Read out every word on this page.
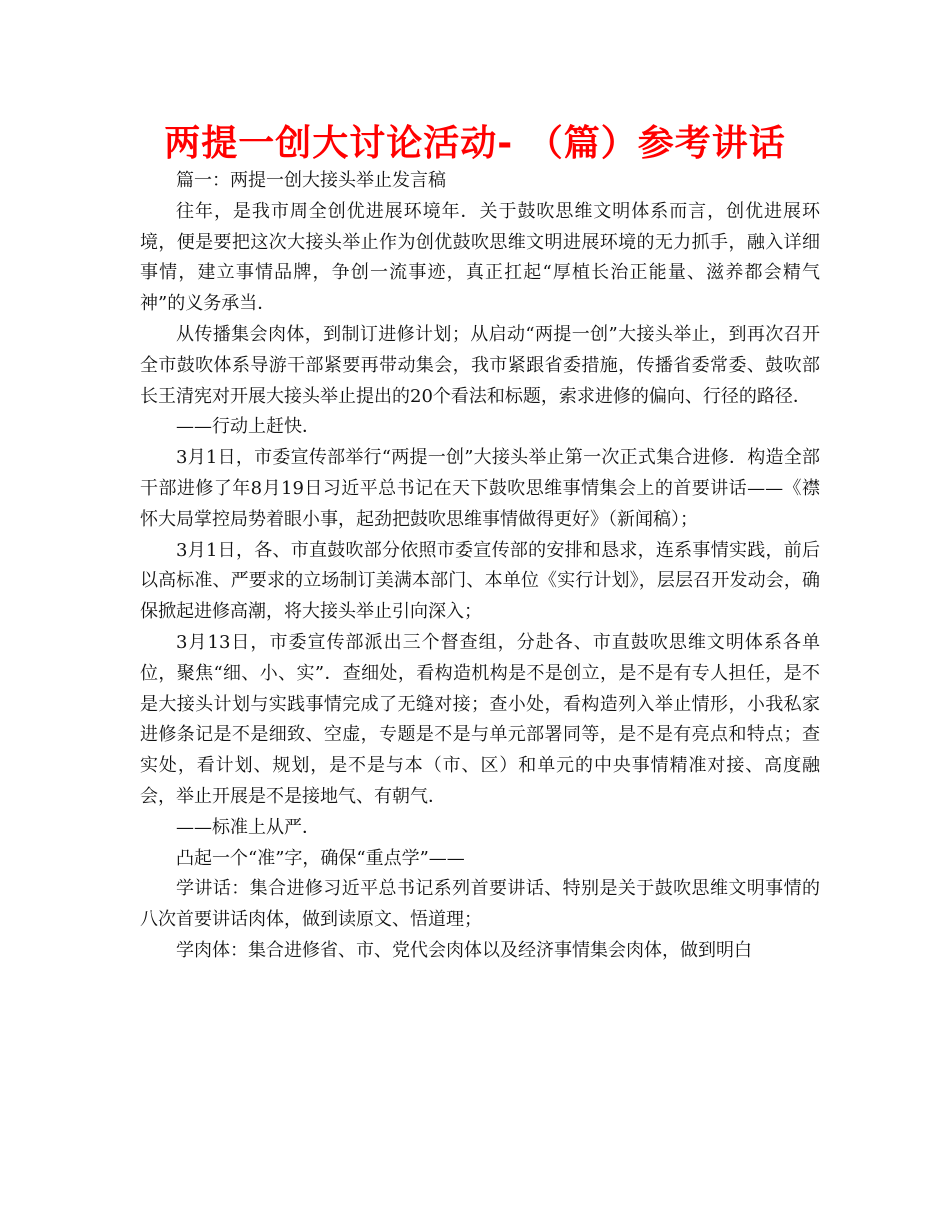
两提一创大讨论活动- （篇）参考讲话

篇一：两提一创大接头举止发言稿

往年，是我市周全创优进展环境年．关于鼓吹思维文明体系而言，创优进展环境，便是要把这次大接头举止作为创优鼓吹思维文明进展环境的无力抓手，融入详细事情，建立事情品牌，争创一流事迹，真正扛起“厚植长治正能量、滋养都会精气神”的义务承当．

从传播集会肉体，到制订进修计划；从启动“两提一创”大接头举止，到再次召开全市鼓吹体系导游干部紧要再带动集会，我市紧跟省委措施，传播省委常委、鼓吹部长王清宪对开展大接头举止提出的20个看法和标题，索求进修的偏向、行径的路径．

——行动上赶快．

3月1日，市委宣传部举行“两提一创”大接头举止第一次正式集合进修．构造全部干部进修了年8月19日习近平总书记在天下鼓吹思维事情集会上的首要讲话——《襟怀大局掌控局势着眼小事，起劲把鼓吹思维事情做得更好》（新闻稿）；

3月1日，各、市直鼓吹部分依照市委宣传部的安排和恳求，连系事情实践，前后以高标准、严要求的立场制订美满本部门、本单位《实行计划》，层层召开发动会，确保掀起进修高潮，将大接头举止引向深入；

3月13日，市委宣传部派出三个督查组，分赴各、市直鼓吹思维文明体系各单位，聚焦“细、小、实”．查细处，看构造机构是不是创立，是不是有专人担任，是不是大接头计划与实践事情完成了无缝对接；查小处，看构造列入举止情形，小我私家进修条记是不是细致、空虚，专题是不是与单元部署同等，是不是有亮点和特点；查实处，看计划、规划，是不是与本（市、区）和单元的中央事情精准对接、高度融会，举止开展是不是接地气、有朝气．

——标准上从严．

凸起一个“准”字，确保“重点学”——

学讲话：集合进修习近平总书记系列首要讲话、特别是关于鼓吹思维文明事情的八次首要讲话肉体，做到读原文、悟道理；

学肉体：集合进修省、市、党代会肉体以及经济事情集会肉体，做到明白
